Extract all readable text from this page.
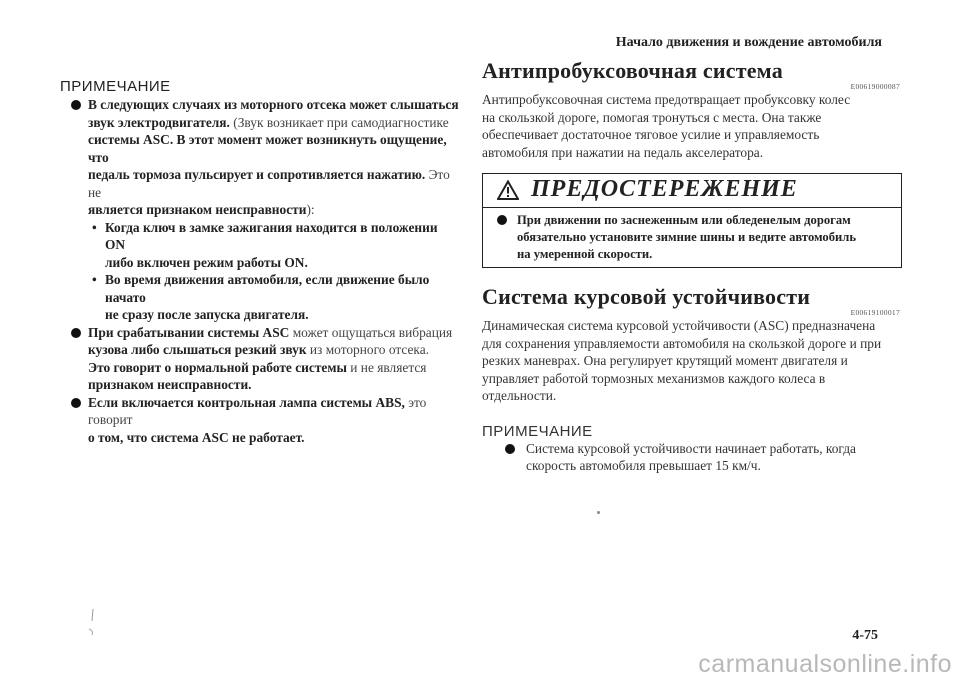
Начало движения и вождение автомобиля
ПРИМЕЧАНИЕ
В следующих случаях из моторного отсека может слышаться
звук электродвигателя. (Звук возникает при самодиагностике
системы ASC. В этот момент может возникнуть ощущение, что
педаль тормоза пульсирует и сопротивляется нажатию. Это не
является признаком неисправности):
• Когда ключ в замке зажигания находится в положении ON
либо включен режим работы ON.
• Во время движения автомобиля, если движение было начато
не сразу после запуска двигателя.
При срабатывании системы ASC может ощущаться вибрация
кузова либо слышаться резкий звук из моторного отсека.
Это говорит о нормальной работе системы и не является
признаком неисправности.
Если включается контрольная лампа системы ABS, это говорит
о том, что система ASC не работает.
Антипробуксовочная система
E00619000087
Антипробуксовочная система предотвращает пробуксовку колес
на скользкой дороге, помогая тронуться с места. Она также
обеспечивает достаточное тяговое усилие и управляемость
автомобиля при нажатии на педаль акселератора.
ПРЕДОСТЕРЕЖЕНИЕ
При движении по заснеженным или обледенелым дорогам
обязательно установите зимние шины и ведите автомобиль
на умеренной скорости.
Система курсовой устойчивости
E00619100017
Динамическая система курсовой устойчивости (ASC) предназначена
для сохранения управляемости автомобиля на скользкой дороге и при
резких маневрах. Она регулирует крутящий момент двигателя и
управляет работой тормозных механизмов каждого колеса в
отдельности.
ПРИМЕЧАНИЕ
Система курсовой устойчивости начинает работать, когда
скорость автомобиля превышает 15 км/ч.
4-75
carmanualsonline.info
